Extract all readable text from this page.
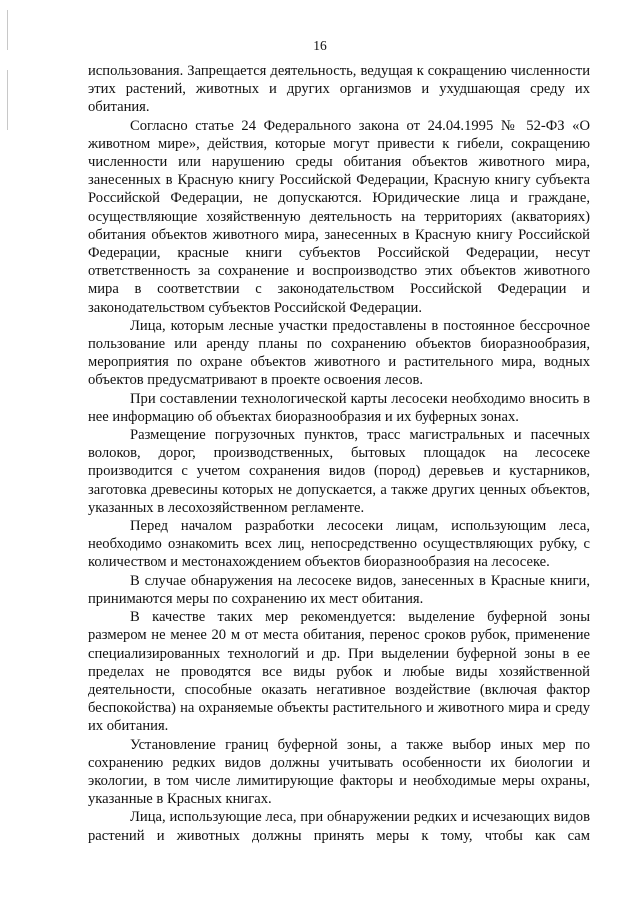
16

использования. Запрещается деятельность, ведущая к сокращению численности этих растений, животных и других организмов и ухудшающая среду их обитания.

Согласно статье 24 Федерального закона от 24.04.1995 № 52-ФЗ «О животном мире», действия, которые могут привести к гибели, сокращению численности или нарушению среды обитания объектов животного мира, занесенных в Красную книгу Российской Федерации, Красную книгу субъекта Российской Федерации, не допускаются. Юридические лица и граждане, осуществляющие хозяйственную деятельность на территориях (акваториях) обитания объектов животного мира, занесенных в Красную книгу Российской Федерации, красные книги субъектов Российской Федерации, несут ответственность за сохранение и воспроизводство этих объектов животного мира в соответствии с законодательством Российской Федерации и законодательством субъектов Российской Федерации.

Лица, которым лесные участки предоставлены в постоянное бессрочное пользование или аренду планы по сохранению объектов биоразнообразия, мероприятия по охране объектов животного и растительного мира, водных объектов предусматривают в проекте освоения лесов.

При составлении технологической карты лесосеки необходимо вносить в нее информацию об объектах биоразнообразия и их буферных зонах.

Размещение погрузочных пунктов, трасс магистральных и пасечных волоков, дорог, производственных, бытовых площадок на лесосеке производится с учетом сохранения видов (пород) деревьев и кустарников, заготовка древесины которых не допускается, а также других ценных объектов, указанных в лесохозяйственном регламенте.

Перед началом разработки лесосеки лицам, использующим леса, необходимо ознакомить всех лиц, непосредственно осуществляющих рубку, с количеством и местонахождением объектов биоразнообразия на лесосеке.

В случае обнаружения на лесосеке видов, занесенных в Красные книги, принимаются меры по сохранению их мест обитания.

В качестве таких мер рекомендуется: выделение буферной зоны размером не менее 20 м от места обитания, перенос сроков рубок, применение специализированных технологий и др. При выделении буферной зоны в ее пределах не проводятся все виды рубок и любые виды хозяйственной деятельности, способные оказать негативное воздействие (включая фактор беспокойства) на охраняемые объекты растительного и животного мира и среду их обитания.

Установление границ буферной зоны, а также выбор иных мер по сохранению редких видов должны учитывать особенности их биологии и экологии, в том числе лимитирующие факторы и необходимые меры охраны, указанные в Красных книгах.

Лица, использующие леса, при обнаружении редких и исчезающих видов растений и животных должны принять меры к тому, чтобы как сам
